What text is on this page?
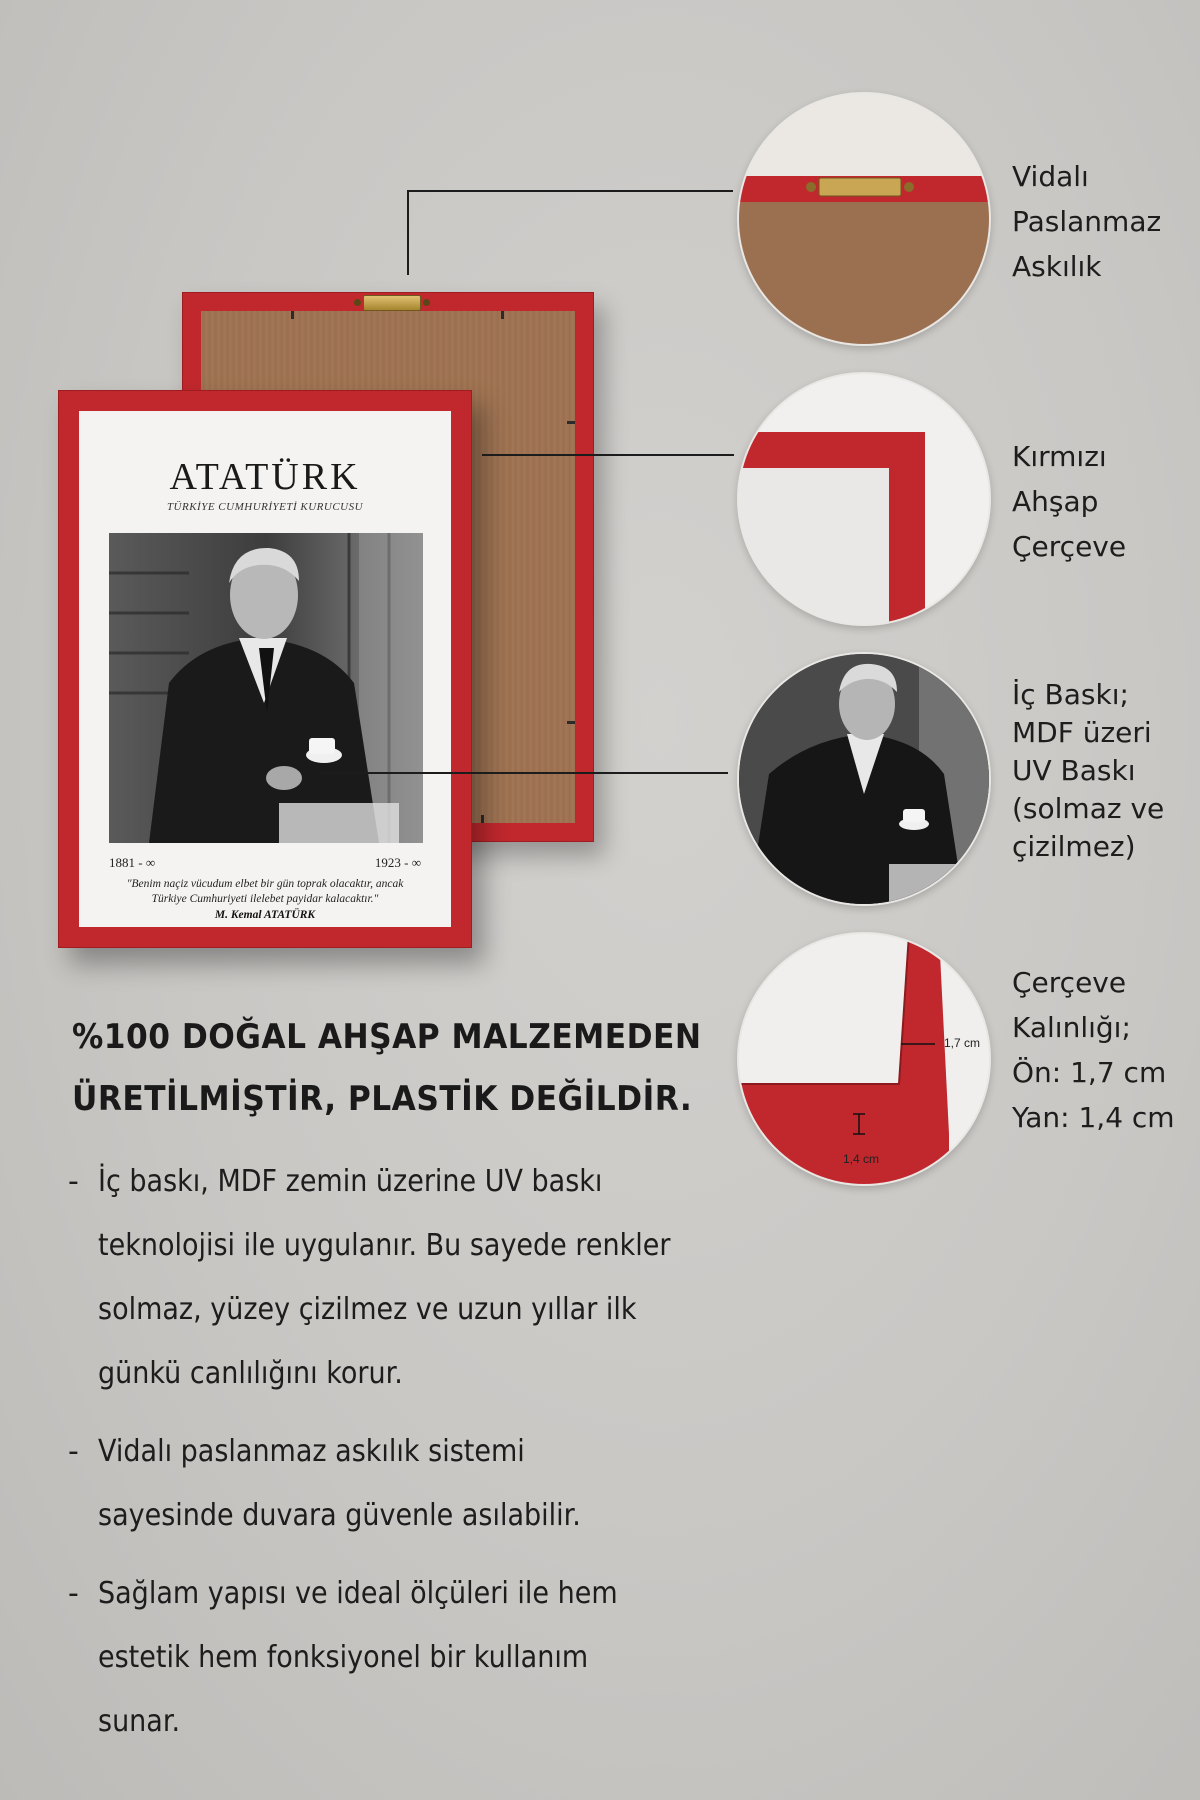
ATATÜRK
TÜRKİYE CUMHURİYETİ KURUCUSU
1881 - ∞	1923 - ∞
"Benim naçiz vücudum elbet bir gün toprak olacaktır, ancak
Türkiye Cumhuriyeti ilelebet payidar kalacaktır."
M. Kemal ATATÜRK
Vidalı
Paslanmaz
Askılık
Kırmızı
Ahşap
Çerçeve
İç Baskı;
MDF üzeri
UV Baskı
(solmaz ve
çizilmez)
1,7 cm
1,4 cm
Çerçeve
Kalınlığı;
Ön: 1,7 cm
Yan: 1,4 cm
%100 DOĞAL AHŞAP MALZEMEDEN
ÜRETİLMİŞTİR, PLASTİK DEĞİLDİR.
- İç baskı, MDF zemin üzerine UV baskı
teknolojisi ile uygulanır. Bu sayede renkler
solmaz, yüzey çizilmez ve uzun yıllar ilk
günkü canlılığını korur.
- Vidalı paslanmaz askılık sistemi
sayesinde duvara güvenle asılabilir.
- Sağlam yapısı ve ideal ölçüleri ile hem
estetik hem fonksiyonel bir kullanım
sunar.
